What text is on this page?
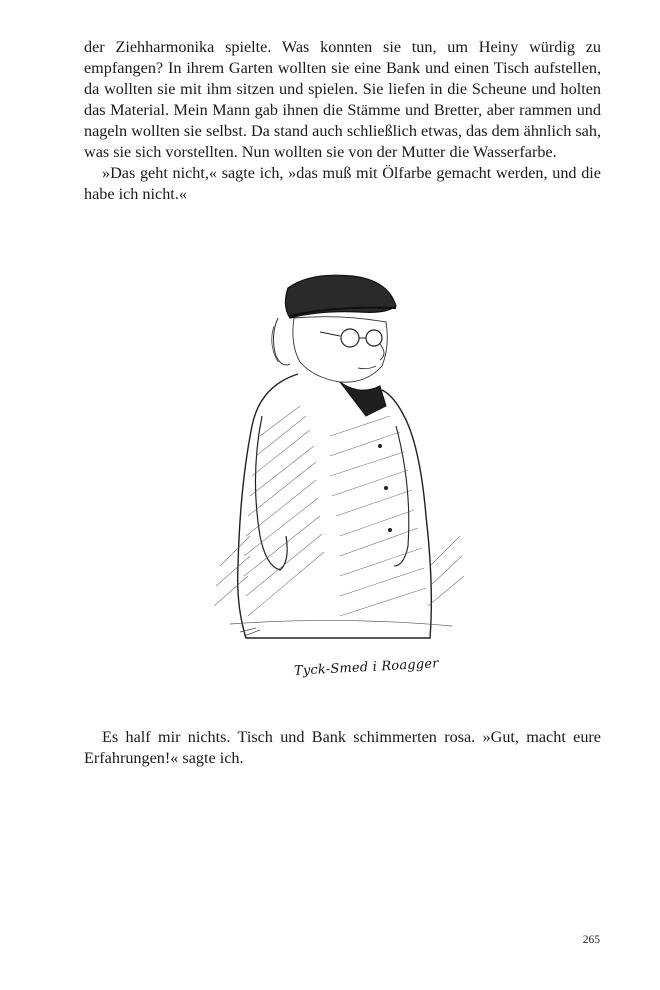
der Ziehharmonika spielte. Was konnten sie tun, um Heiny würdig zu empfangen? In ihrem Garten wollten sie eine Bank und einen Tisch aufstellen, da wollten sie mit ihm sitzen und spielen. Sie liefen in die Scheune und holten das Material. Mein Mann gab ihnen die Stämme und Bretter, aber rammen und nageln wollten sie selbst. Da stand auch schließlich etwas, das dem ähnlich sah, was sie sich vorstellten. Nun wollten sie von der Mutter die Wasserfarbe.

»Das geht nicht,« sagte ich, »das muß mit Ölfarbe gemacht werden, und die habe ich nicht.«

Tyck-Smed i Roagger

Es half mir nichts. Tisch und Bank schimmerten rosa. »Gut, macht eure Erfahrungen!« sagte ich.

265
